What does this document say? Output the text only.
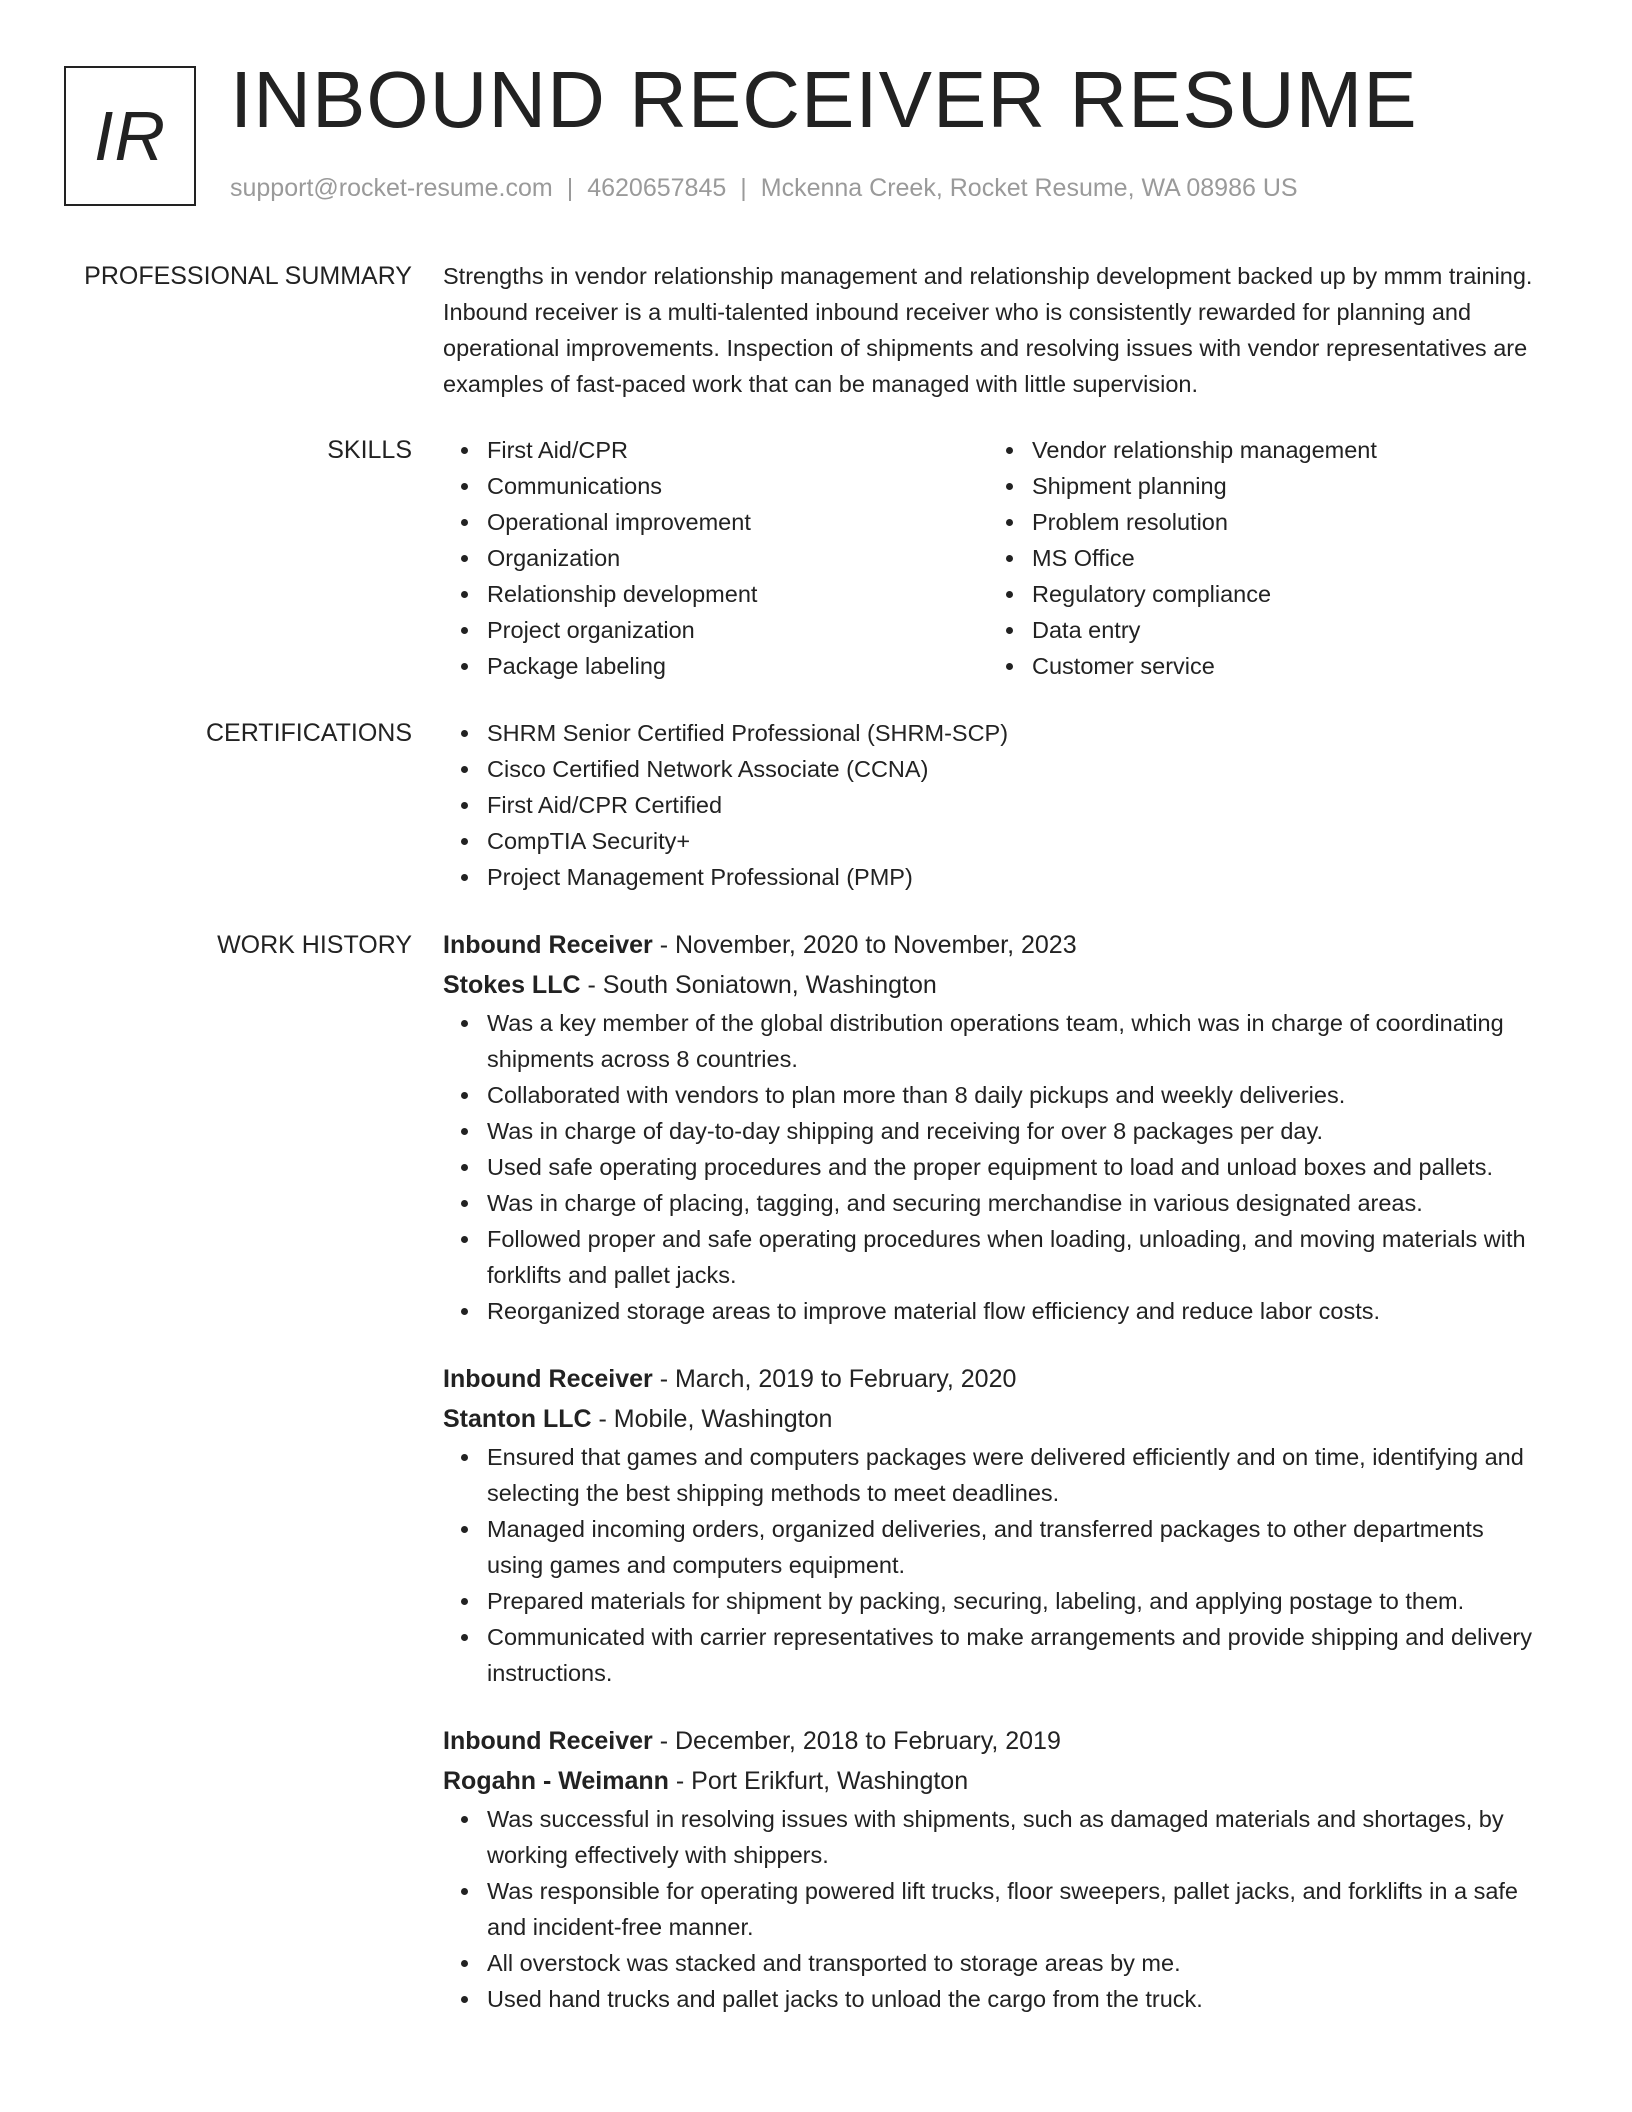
IR INBOUND RECEIVER RESUME
support@rocket-resume.com | 4620657845 | Mckenna Creek, Rocket Resume, WA 08986 US
PROFESSIONAL SUMMARY Strengths in vendor relationship management and relationship development backed up by mmm training. Inbound receiver is a multi-talented inbound receiver who is consistently rewarded for planning and operational improvements. Inspection of shipments and resolving issues with vendor representatives are examples of fast-paced work that can be managed with little supervision.

SKILLS	First Aid/CPR
Communications
Operational improvement
Organization
Relationship development
Project organization
Package labeling
Vendor relationship management
Shipment planning
Problem resolution
MS Office
Regulatory compliance
Data entry
Customer service
CERTIFICATIONS	SHRM Senior Certified Professional (SHRM-SCP)
Cisco Certified Network Associate (CCNA)
First Aid/CPR Certified
CompTIA Security+
Project Management Professional (PMP)
WORK HISTORY Inbound Receiver - November, 2020 to November, 2023
Stokes LLC - South Soniatown, Washington
Was a key member of the global distribution operations team, which was in charge of coordinating shipments across 8 countries.
Collaborated with vendors to plan more than 8 daily pickups and weekly deliveries.
Was in charge of day-to-day shipping and receiving for over 8 packages per day.
Used safe operating procedures and the proper equipment to load and unload boxes and pallets.
Was in charge of placing, tagging, and securing merchandise in various designated areas.
Followed proper and safe operating procedures when loading, unloading, and moving materials with forklifts and pallet jacks.
Reorganized storage areas to improve material flow efficiency and reduce labor costs.
Inbound Receiver - March, 2019 to February, 2020
Stanton LLC - Mobile, Washington
Ensured that games and computers packages were delivered efficiently and on time, identifying and selecting the best shipping methods to meet deadlines.
Managed incoming orders, organized deliveries, and transferred packages to other departments using games and computers equipment.
Prepared materials for shipment by packing, securing, labeling, and applying postage to them.
Communicated with carrier representatives to make arrangements and provide shipping and delivery instructions.
Inbound Receiver - December, 2018 to February, 2019
Rogahn - Weimann - Port Erikfurt, Washington
Was successful in resolving issues with shipments, such as damaged materials and shortages, by working effectively with shippers.
Was responsible for operating powered lift trucks, floor sweepers, pallet jacks, and forklifts in a safe and incident-free manner.
All overstock was stacked and transported to storage areas by me.
Used hand trucks and pallet jacks to unload the cargo from the truck.
